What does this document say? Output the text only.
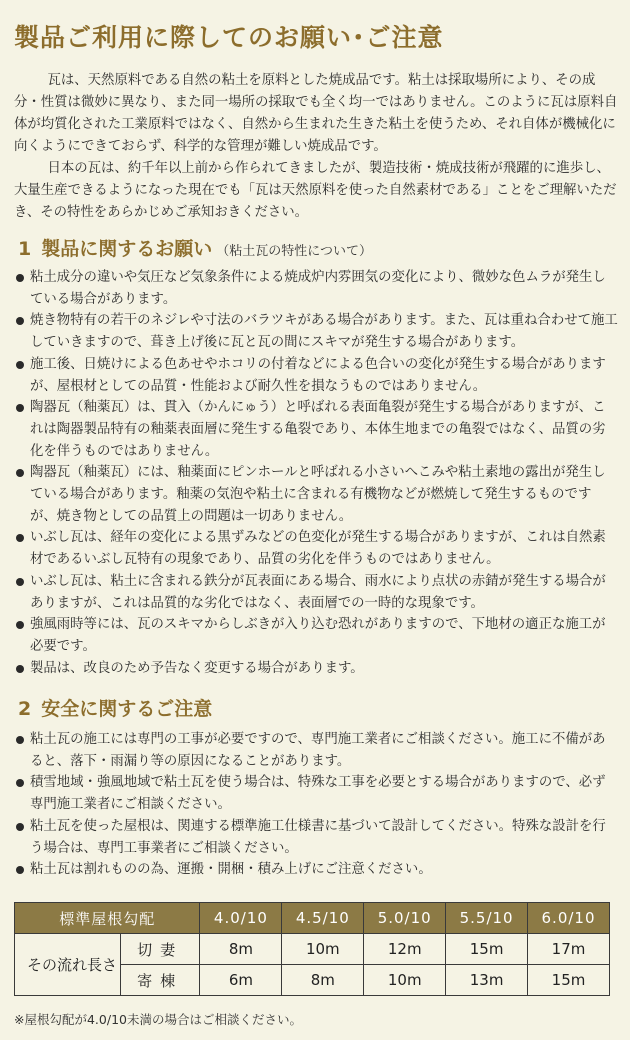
製品ご利用に際してのお願い･ご注意

瓦は、天然原料である自然の粘土を原料とした焼成品です。粘土は採取場所により、その成分・性質は微妙に異なり、また同一場所の採取でも全く均一ではありません。このように瓦は原料自体が均質化された工業原料ではなく、自然から生まれた生きた粘土を使うため、それ自体が機械化に向くようにできておらず、科学的な管理が難しい焼成品です。

日本の瓦は、約千年以上前から作られてきましたが、製造技術・焼成技術が飛躍的に進歩し、大量生産できるようになった現在でも「瓦は天然原料を使った自然素材である」ことをご理解いただき、その特性をあらかじめご承知おきください。

1 製品に関するお願い （粘土瓦の特性について）
粘土成分の違いや気圧など気象条件による焼成炉内雰囲気の変化により、微妙な色ムラが発生している場合があります。
焼き物特有の若干のネジレや寸法のバラツキがある場合があります。また、瓦は重ね合わせて施工していきますので、葺き上げ後に瓦と瓦の間にスキマが発生する場合があります。
施工後、日焼けによる色あせやホコリの付着などによる色合いの変化が発生する場合がありますが、屋根材としての品質・性能および耐久性を損なうものではありません。
陶器瓦（釉薬瓦）は、貫入（かんにゅう）と呼ばれる表面亀裂が発生する場合がありますが、これは陶器製品特有の釉薬表面層に発生する亀裂であり、本体生地までの亀裂ではなく、品質の劣化を伴うものではありません。
陶器瓦（釉薬瓦）には、釉薬面にピンホールと呼ばれる小さいへこみや粘土素地の露出が発生している場合があります。釉薬の気泡や粘土に含まれる有機物などが燃焼して発生するものですが、焼き物としての品質上の問題は一切ありません。
いぶし瓦は、経年の変化による黒ずみなどの色変化が発生する場合がありますが、これは自然素材であるいぶし瓦特有の現象であり、品質の劣化を伴うものではありません。
いぶし瓦は、粘土に含まれる鉄分が瓦表面にある場合、雨水により点状の赤錆が発生する場合がありますが、これは品質的な劣化ではなく、表面層での一時的な現象です。
強風雨時等には、瓦のスキマからしぶきが入り込む恐れがありますので、下地材の適正な施工が必要です。
製品は、改良のため予告なく変更する場合があります。
2 安全に関するご注意
粘土瓦の施工には専門の工事が必要ですので、専門施工業者にご相談ください。施工に不備があると、落下・雨漏り等の原因になることがあります。
積雪地域・強風地域で粘土瓦を使う場合は、特殊な工事を必要とする場合がありますので、必ず専門施工業者にご相談ください。
粘土瓦を使った屋根は、関連する標準施工仕様書に基づいて設計してください。特殊な設計を行う場合は、専門工事業者にご相談ください。
粘土瓦は割れものの為、運搬・開梱・積み上げにご注意ください。
標準屋根勾配		4.0/10	4.5/10	5.0/10	5.5/10	6.0/10
その流れ長さ	切妻	8m	10m	12m	15m	17m
	寄棟	6m	8m	10m	13m	15m
※屋根勾配が4.0/10未満の場合はご相談ください。
